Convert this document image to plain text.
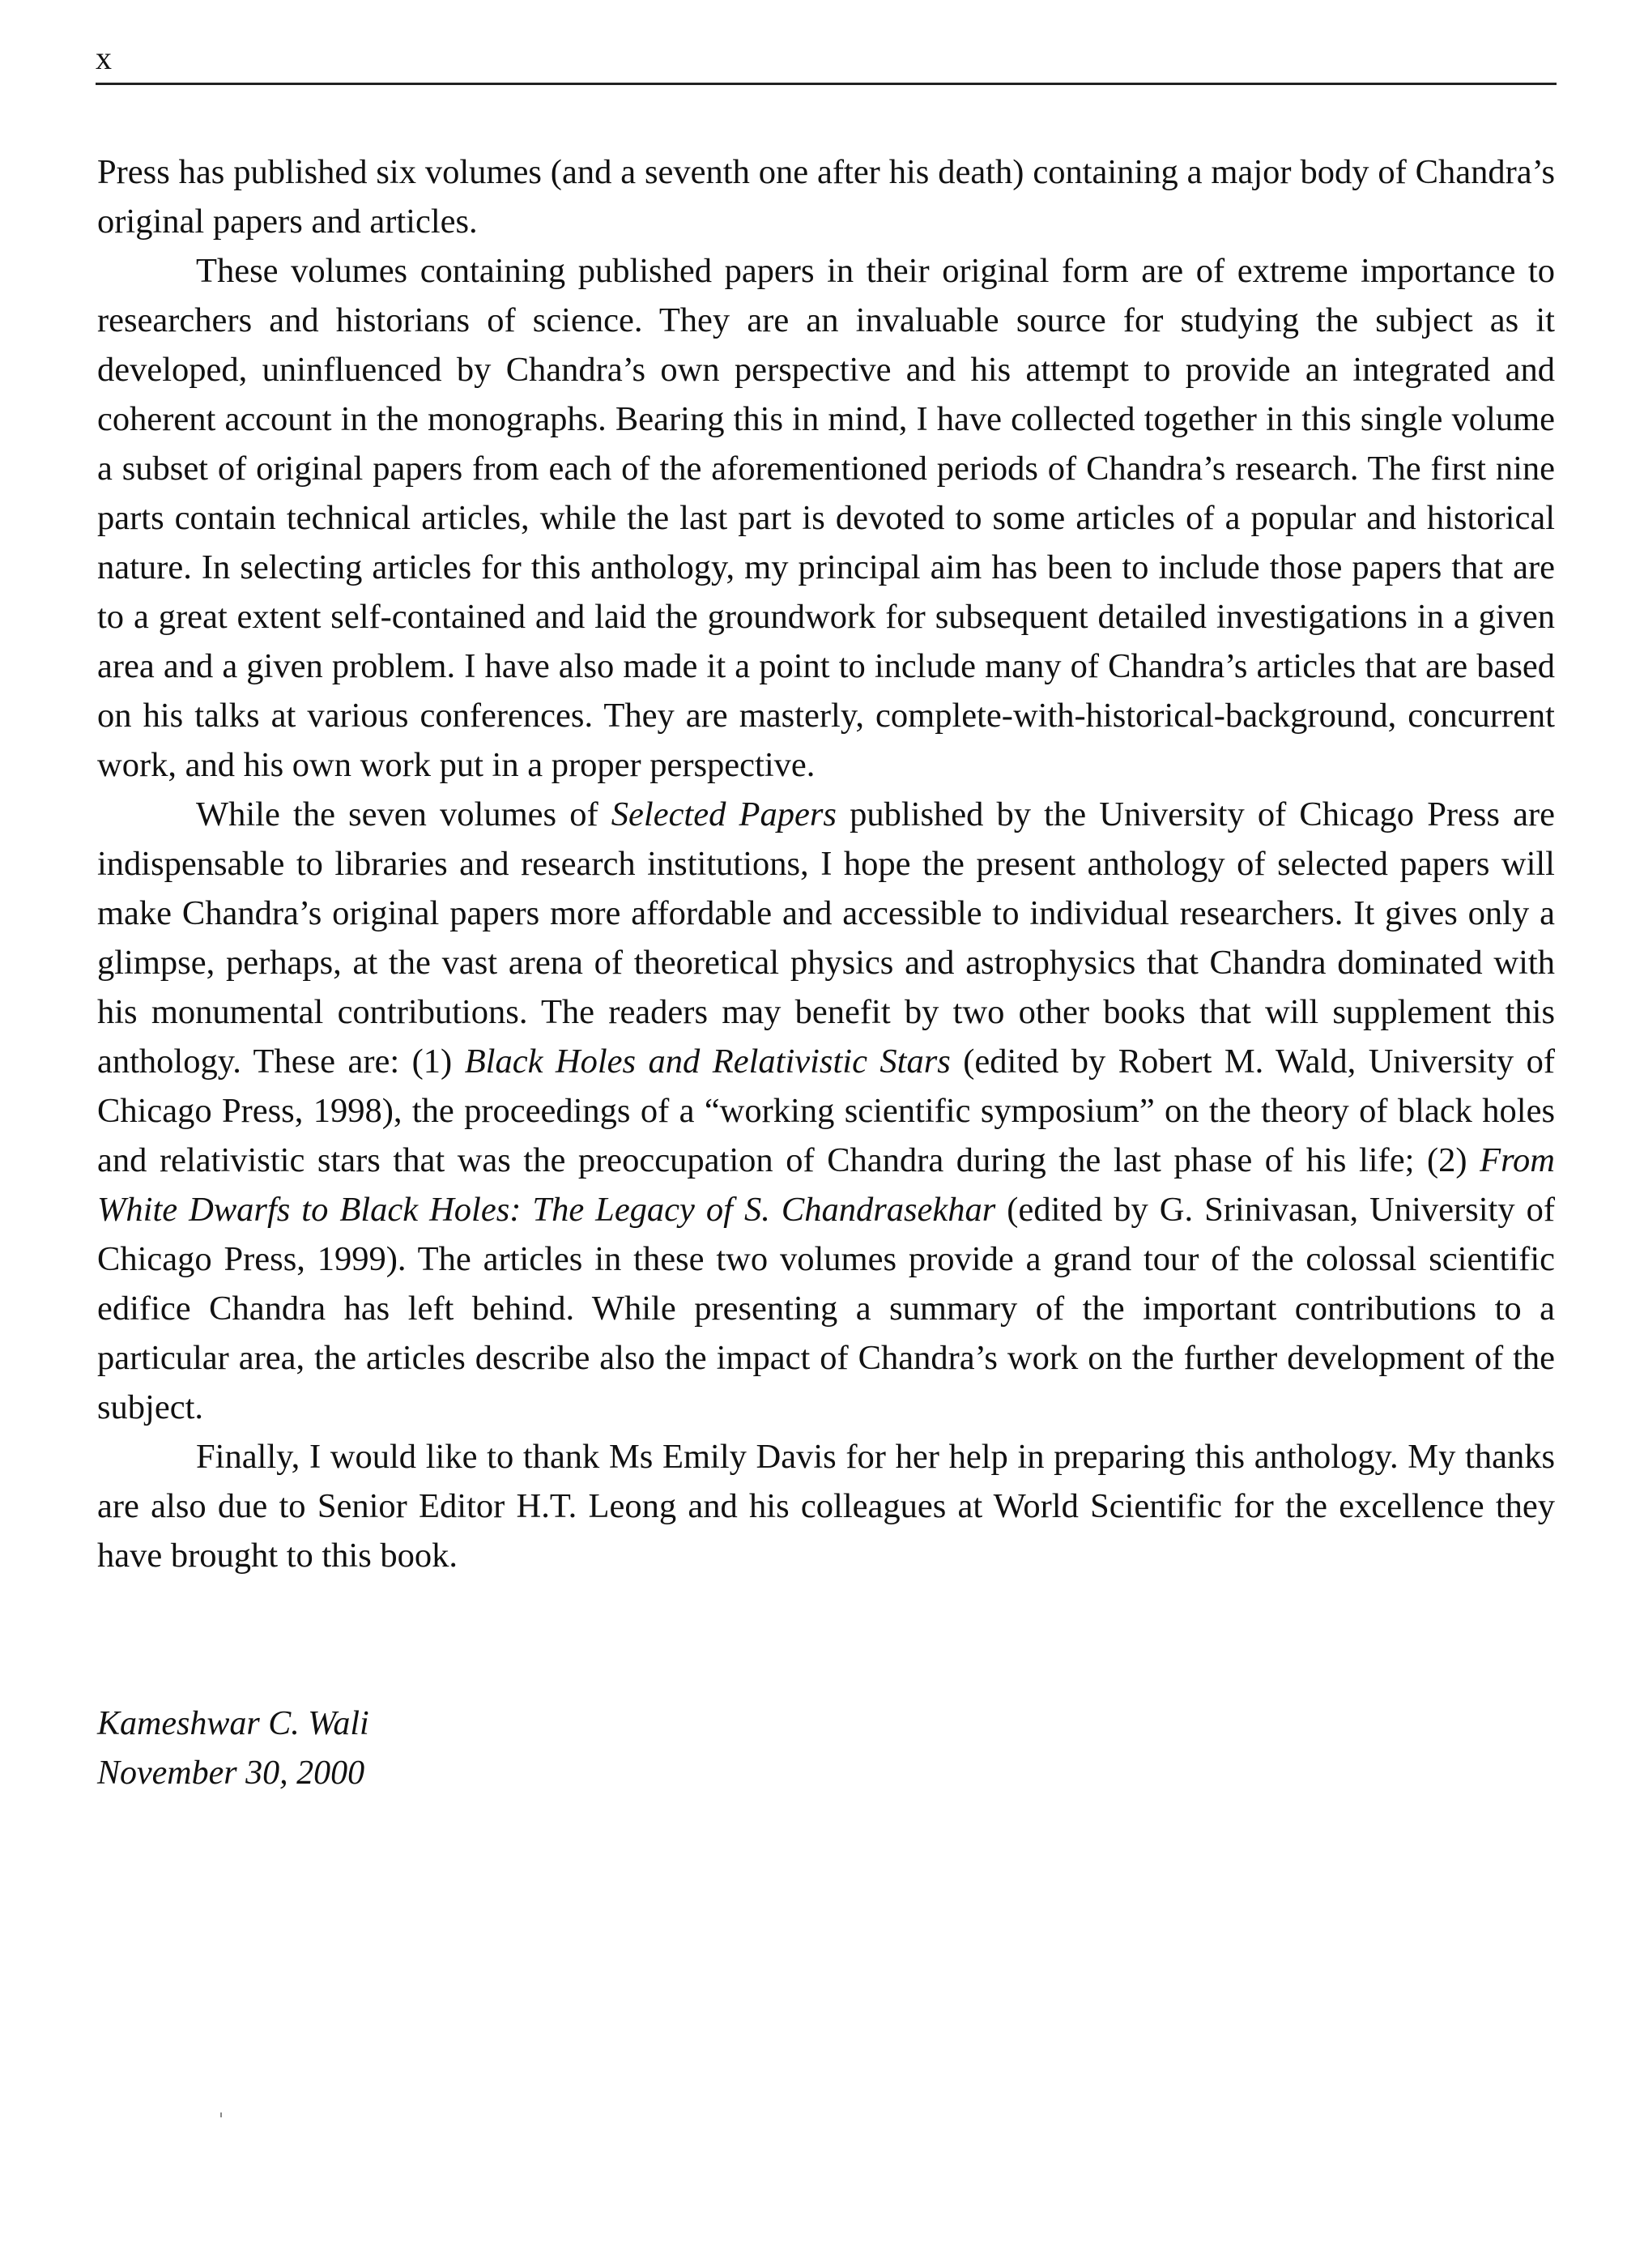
x

Press has published six volumes (and a seventh one after his death) containing a major body of Chandra’s original papers and articles.

These volumes containing published papers in their original form are of extreme importance to researchers and historians of science. They are an invaluable source for studying the subject as it developed, uninfluenced by Chandra’s own perspective and his attempt to provide an integrated and coherent account in the monographs. Bearing this in mind, I have collected together in this single volume a subset of original papers from each of the aforementioned periods of Chandra’s research. The first nine parts contain technical articles, while the last part is devoted to some articles of a popular and historical nature. In selecting articles for this anthology, my principal aim has been to include those papers that are to a great extent self-contained and laid the groundwork for subsequent detailed investigations in a given area and a given problem. I have also made it a point to include many of Chandra’s articles that are based on his talks at various conferences. They are masterly, complete-with-historical-background, concurrent work, and his own work put in a proper perspective.

While the seven volumes of Selected Papers published by the University of Chicago Press are indispensable to libraries and research institutions, I hope the present anthology of selected papers will make Chandra’s original papers more affordable and accessible to individual researchers. It gives only a glimpse, perhaps, at the vast arena of theoretical physics and astrophysics that Chandra dominated with his monumental contributions. The readers may benefit by two other books that will supplement this anthology. These are: (1) Black Holes and Relativistic Stars (edited by Robert M. Wald, University of Chicago Press, 1998), the proceedings of a “working scientific symposium” on the theory of black holes and relativistic stars that was the preoccupation of Chandra during the last phase of his life; (2) From White Dwarfs to Black Holes: The Legacy of S. Chandrasekhar (edited by G. Srinivasan, University of Chicago Press, 1999). The articles in these two volumes provide a grand tour of the colossal scientific edifice Chandra has left behind. While presenting a summary of the important contributions to a particular area, the articles describe also the impact of Chandra’s work on the further development of the subject.

Finally, I would like to thank Ms Emily Davis for her help in preparing this anthology. My thanks are also due to Senior Editor H.T. Leong and his colleagues at World Scientific for the excellence they have brought to this book.

Kameshwar C. Wali
November 30, 2000
